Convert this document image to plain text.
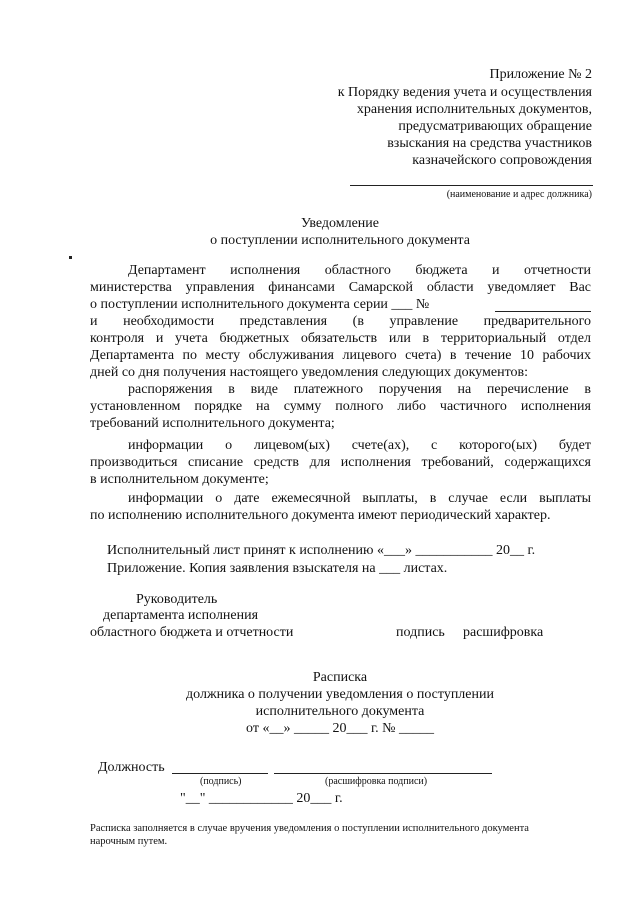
Приложение № 2
к Порядку ведения учета и осуществления
хранения исполнительных документов,
предусматривающих обращение
взыскания на средства участников
казначейского сопровождения
(наименование и адрес должника)
Уведомление
о поступлении исполнительного документа
Департамент исполнения областного бюджета и отчетности
министерства управления финансами Самарской области уведомляет Вас
о поступлении исполнительного документа серии ___ №
и необходимости представления (в управление предварительного
контроля и учета бюджетных обязательств или в территориальный отдел
Департамента по месту обслуживания лицевого счета) в течение 10 рабочих
дней со дня получения настоящего уведомления следующих документов:
распоряжения в виде платежного поручения на перечисление в
установленном порядке на сумму полного либо частичного исполнения
требований исполнительного документа;
информации о лицевом(ых) счете(ах), с которого(ых) будет
производиться списание средств для исполнения требований, содержащихся
в исполнительном документе;
информации о дате ежемесячной выплаты, в случае если выплаты
по исполнению исполнительного документа имеют периодический характер.
Исполнительный лист принят к исполнению «___» ___________ 20__ г.
Приложение. Копия заявления взыскателя на ___ листах.
Руководитель
департамента исполнения
областного бюджета и отчетности	подпись расшифровка
Расписка
должника о получении уведомления о поступлении
исполнительного документа
от «__» _____ 20___ г. № _____
Должность
(подпись)	(расшифровка подписи)
"__" ____________ 20___ г.
Расписка заполняется в случае вручения уведомления о поступлении исполнительного документа
нарочным путем.
